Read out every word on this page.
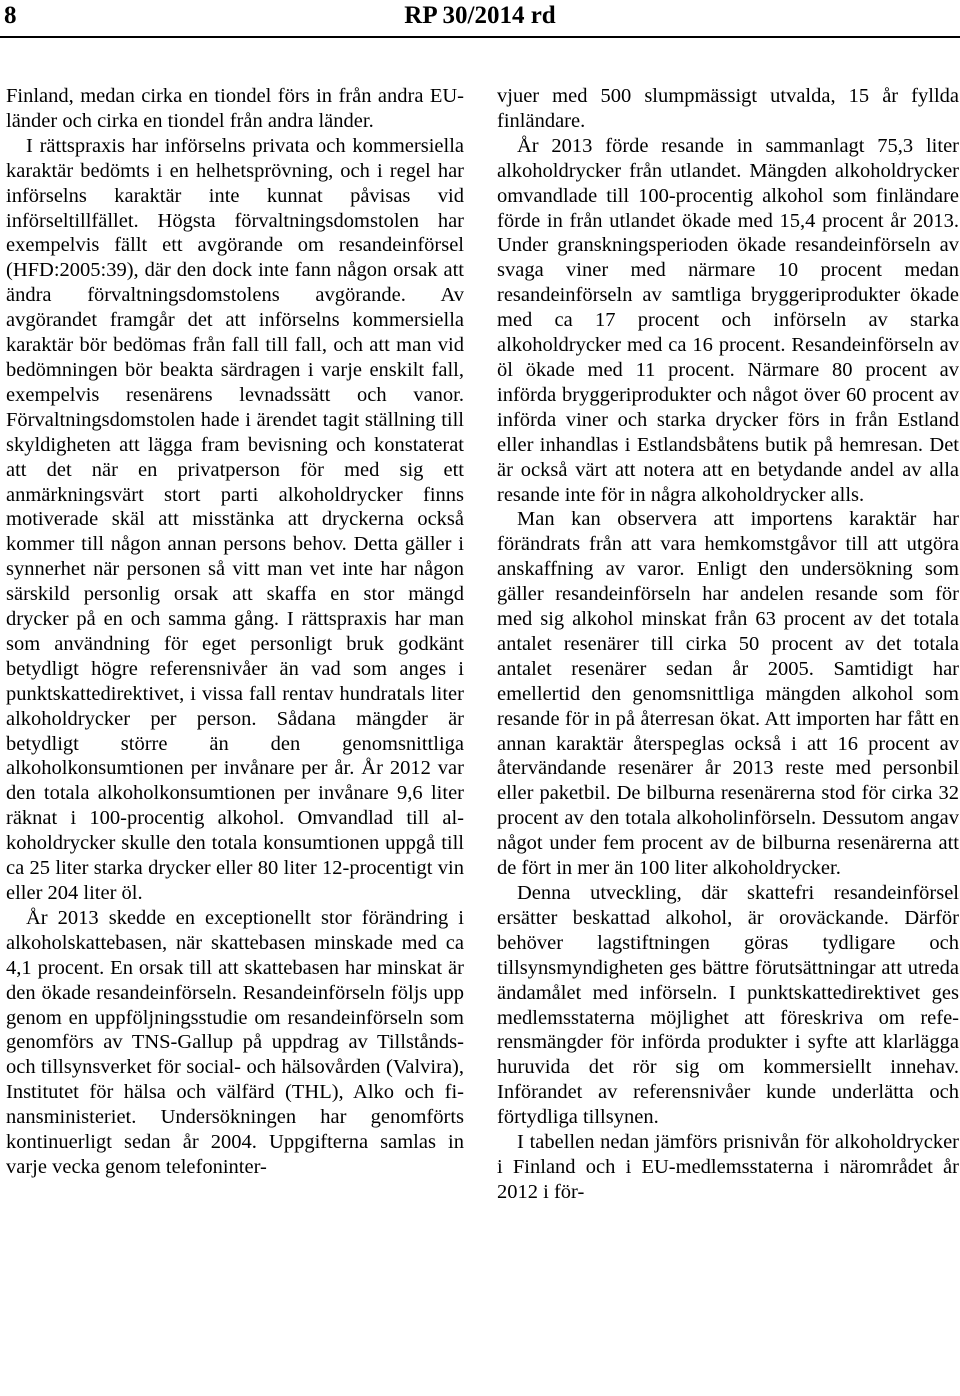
8	RP 30/2014 rd

Finland, medan cirka en tiondel förs in från andra EU-länder och cirka en tiondel från andra länder.

I rättspraxis har införselns privata och kommersiella karaktär bedömts i en helhetsprövning, och i regel har införselns karaktär inte kunnat påvisas vid införseltillfället. Högsta förvaltningsdomstolen har exempelvis fällt ett avgörande om resandeinförsel (HFD:2005:39), där den dock inte fann någon orsak att ändra förvaltningsdomstolens avgörande. Av avgörandet framgår det att införselns kommersiella karaktär bör bedömas från fall till fall, och att man vid bedömningen bör beakta särdragen i varje enskilt fall, exempelvis resenärens levnadssätt och vanor. Förvaltningsdomstolen hade i ärendet tagit ställning till skyldigheten att lägga fram bevisning och konstaterat att det när en privatperson för med sig ett anmärkningsvärt stort parti alkoholdrycker finns motiverade skäl att misstänka att dryckerna också kommer till någon annan persons behov. Detta gäller i synnerhet när personen så vitt man vet inte har någon särskild personlig orsak att skaffa en stor mängd drycker på en och samma gång. I rättspraxis har man som användning för eget personligt bruk godkänt betydligt högre referensnivåer än vad som anges i punktskattedirektivet, i vissa fall rentav hundratals liter alkoholdrycker per person. Sådana mängder är betydligt större än den genomsnittliga alkoholkonsumtionen per invånare per år. År 2012 var den totala alkoholkonsumtionen per invånare 9,6 liter räknat i 100-procentig alkohol. Omvandlad till alkoholdrycker skulle den totala konsumtionen uppgå till ca 25 liter starka drycker eller 80 liter 12-procentigt vin eller 204 liter öl.

År 2013 skedde en exceptionellt stor förändring i alkoholskattebasen, när skattebasen minskade med ca 4,1 procent. En orsak till att skattebasen har minskat är den ökade resandeinförseln. Resandeinförseln följs upp genom en uppföljningsstudie om resandeinförseln som genomförs av TNS-Gallup på uppdrag av Tillstånds- och tillsynsverket för social- och hälsovården (Valvira), Institutet för hälsa och välfärd (THL), Alko och finansministeriet. Undersökningen har genomförts kontinuerligt sedan år 2004. Uppgifterna samlas in varje vecka genom telefoninter-

vjuer med 500 slumpmässigt utvalda, 15 år fyllda finländare.

År 2013 förde resande in sammanlagt 75,3 liter alkoholdrycker från utlandet. Mängden alkoholdrycker omvandlade till 100-procentig alkohol som finländare förde in från utlandet ökade med 15,4 procent år 2013. Under granskningsperioden ökade resandeinförseln av svaga viner med närmare 10 procent medan resandeinförseln av samtliga bryggeriprodukter ökade med ca 17 procent och införseln av starka alkoholdrycker med ca 16 procent. Resandeinförseln av öl ökade med 11 procent. Närmare 80 procent av införda bryggeriprodukter och något över 60 procent av införda viner och starka drycker förs in från Estland eller inhandlas i Estlandsbåtens butik på hemresan. Det är också värt att notera att en betydande andel av alla resande inte för in några alkoholdrycker alls.

Man kan observera att importens karaktär har förändrats från att vara hemkomstgåvor till att utgöra anskaffning av varor. Enligt den undersökning som gäller resandeinförseln har andelen resande som för med sig alkohol minskat från 63 procent av det totala antalet resenärer till cirka 50 procent av det totala antalet resenärer sedan år 2005. Samtidigt har emellertid den genomsnittliga mängden alkohol som resande för in på återresan ökat. Att importen har fått en annan karaktär återspeglas också i att 16 procent av återvändande resenärer år 2013 reste med personbil eller paketbil. De bilburna resenärerna stod för cirka 32 procent av den totala alkoholinförseln. Dessutom angav något under fem procent av de bilburna resenärerna att de fört in mer än 100 liter alkoholdrycker.

Denna utveckling, där skattefri resandeinförsel ersätter beskattad alkohol, är oroväckande. Därför behöver lagstiftningen göras tydligare och tillsynsmyndigheten ges bättre förutsättningar att utreda ändamålet med införseln. I punktskattedirektivet ges medlemsstaterna möjlighet att föreskriva om referensmängder för införda produkter i syfte att klarlägga huruvida det rör sig om kommersiellt innehav. Införandet av referensnivåer kunde underlätta och förtydliga tillsynen.

I tabellen nedan jämförs prisnivån för alkoholdrycker i Finland och i EU-medlemsstaterna i närområdet år 2012 i för-
